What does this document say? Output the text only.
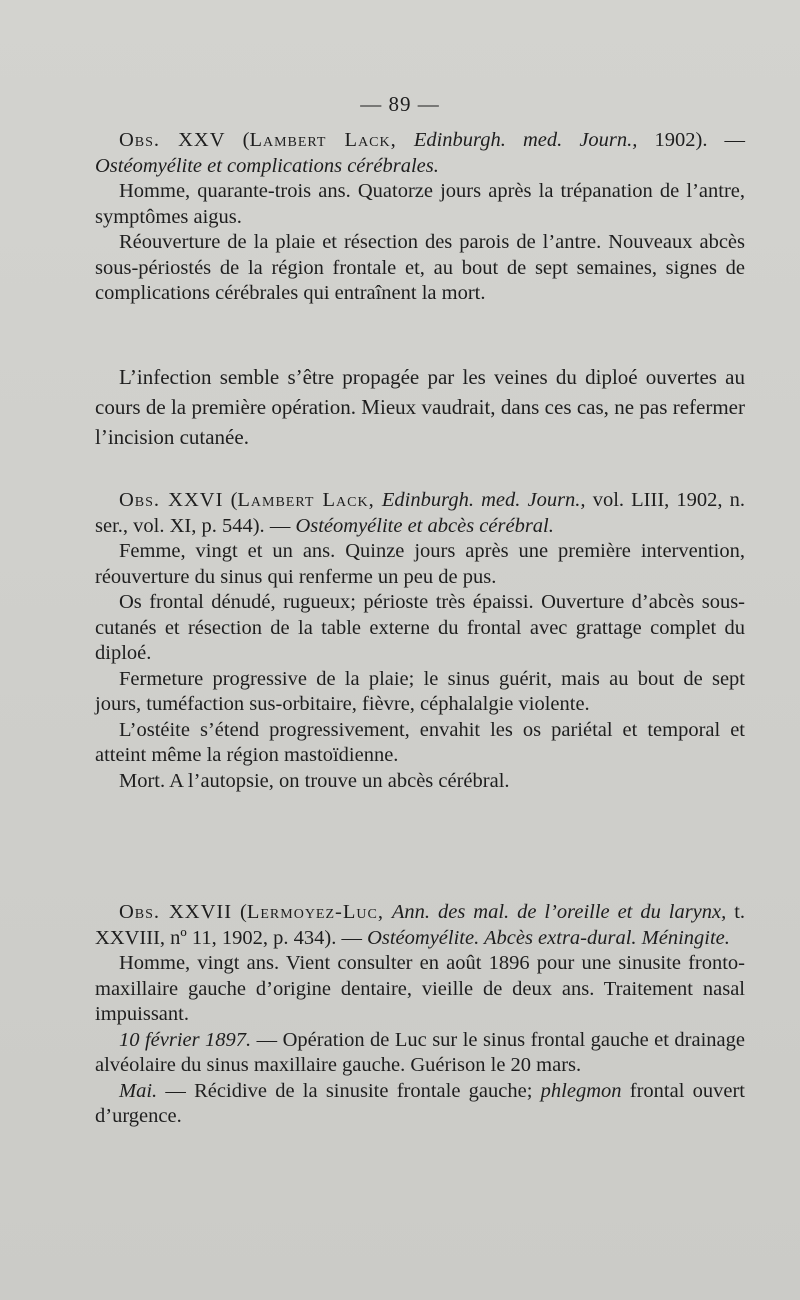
— 89 —

Obs. XXV (Lambert Lack, Edinburgh. med. Journ., 1902). — Ostéomyélite et complications cérébrales.

Homme, quarante-trois ans. Quatorze jours après la trépanation de l’antre, symptômes aigus.

Réouverture de la plaie et résection des parois de l’antre. Nouveaux abcès sous-périostés de la région frontale et, au bout de sept semaines, signes de complications cérébrales qui entraînent la mort.

L’infection semble s’être propagée par les veines du diploé ouvertes au cours de la première opération. Mieux vaudrait, dans ces cas, ne pas refermer l’incision cutanée.

Obs. XXVI (Lambert Lack, Edinburgh. med. Journ., vol. LIII, 1902, n. ser., vol. XI, p. 544). — Ostéomyélite et abcès cérébral.

Femme, vingt et un ans. Quinze jours après une première intervention, réouverture du sinus qui renferme un peu de pus.

Os frontal dénudé, rugueux; périoste très épaissi. Ouverture d’abcès sous-cutanés et résection de la table externe du frontal avec grattage complet du diploé.

Fermeture progressive de la plaie; le sinus guérit, mais au bout de sept jours, tuméfaction sus-orbitaire, fièvre, céphalalgie violente.

L’ostéite s’étend progressivement, envahit les os pariétal et temporal et atteint même la région mastoïdienne.

Mort. A l’autopsie, on trouve un abcès cérébral.

Obs. XXVII (Lermoyez-Luc, Ann. des mal. de l’oreille et du larynx, t. XXVIII, nº 11, 1902, p. 434). — Ostéomyélite. Abcès extra-dural. Méningite.

Homme, vingt ans. Vient consulter en août 1896 pour une sinusite fronto-maxillaire gauche d’origine dentaire, vieille de deux ans. Traitement nasal impuissant.

10 février 1897. — Opération de Luc sur le sinus frontal gauche et drainage alvéolaire du sinus maxillaire gauche. Guérison le 20 mars.

Mai. — Récidive de la sinusite frontale gauche; phlegmon frontal ouvert d’urgence.
